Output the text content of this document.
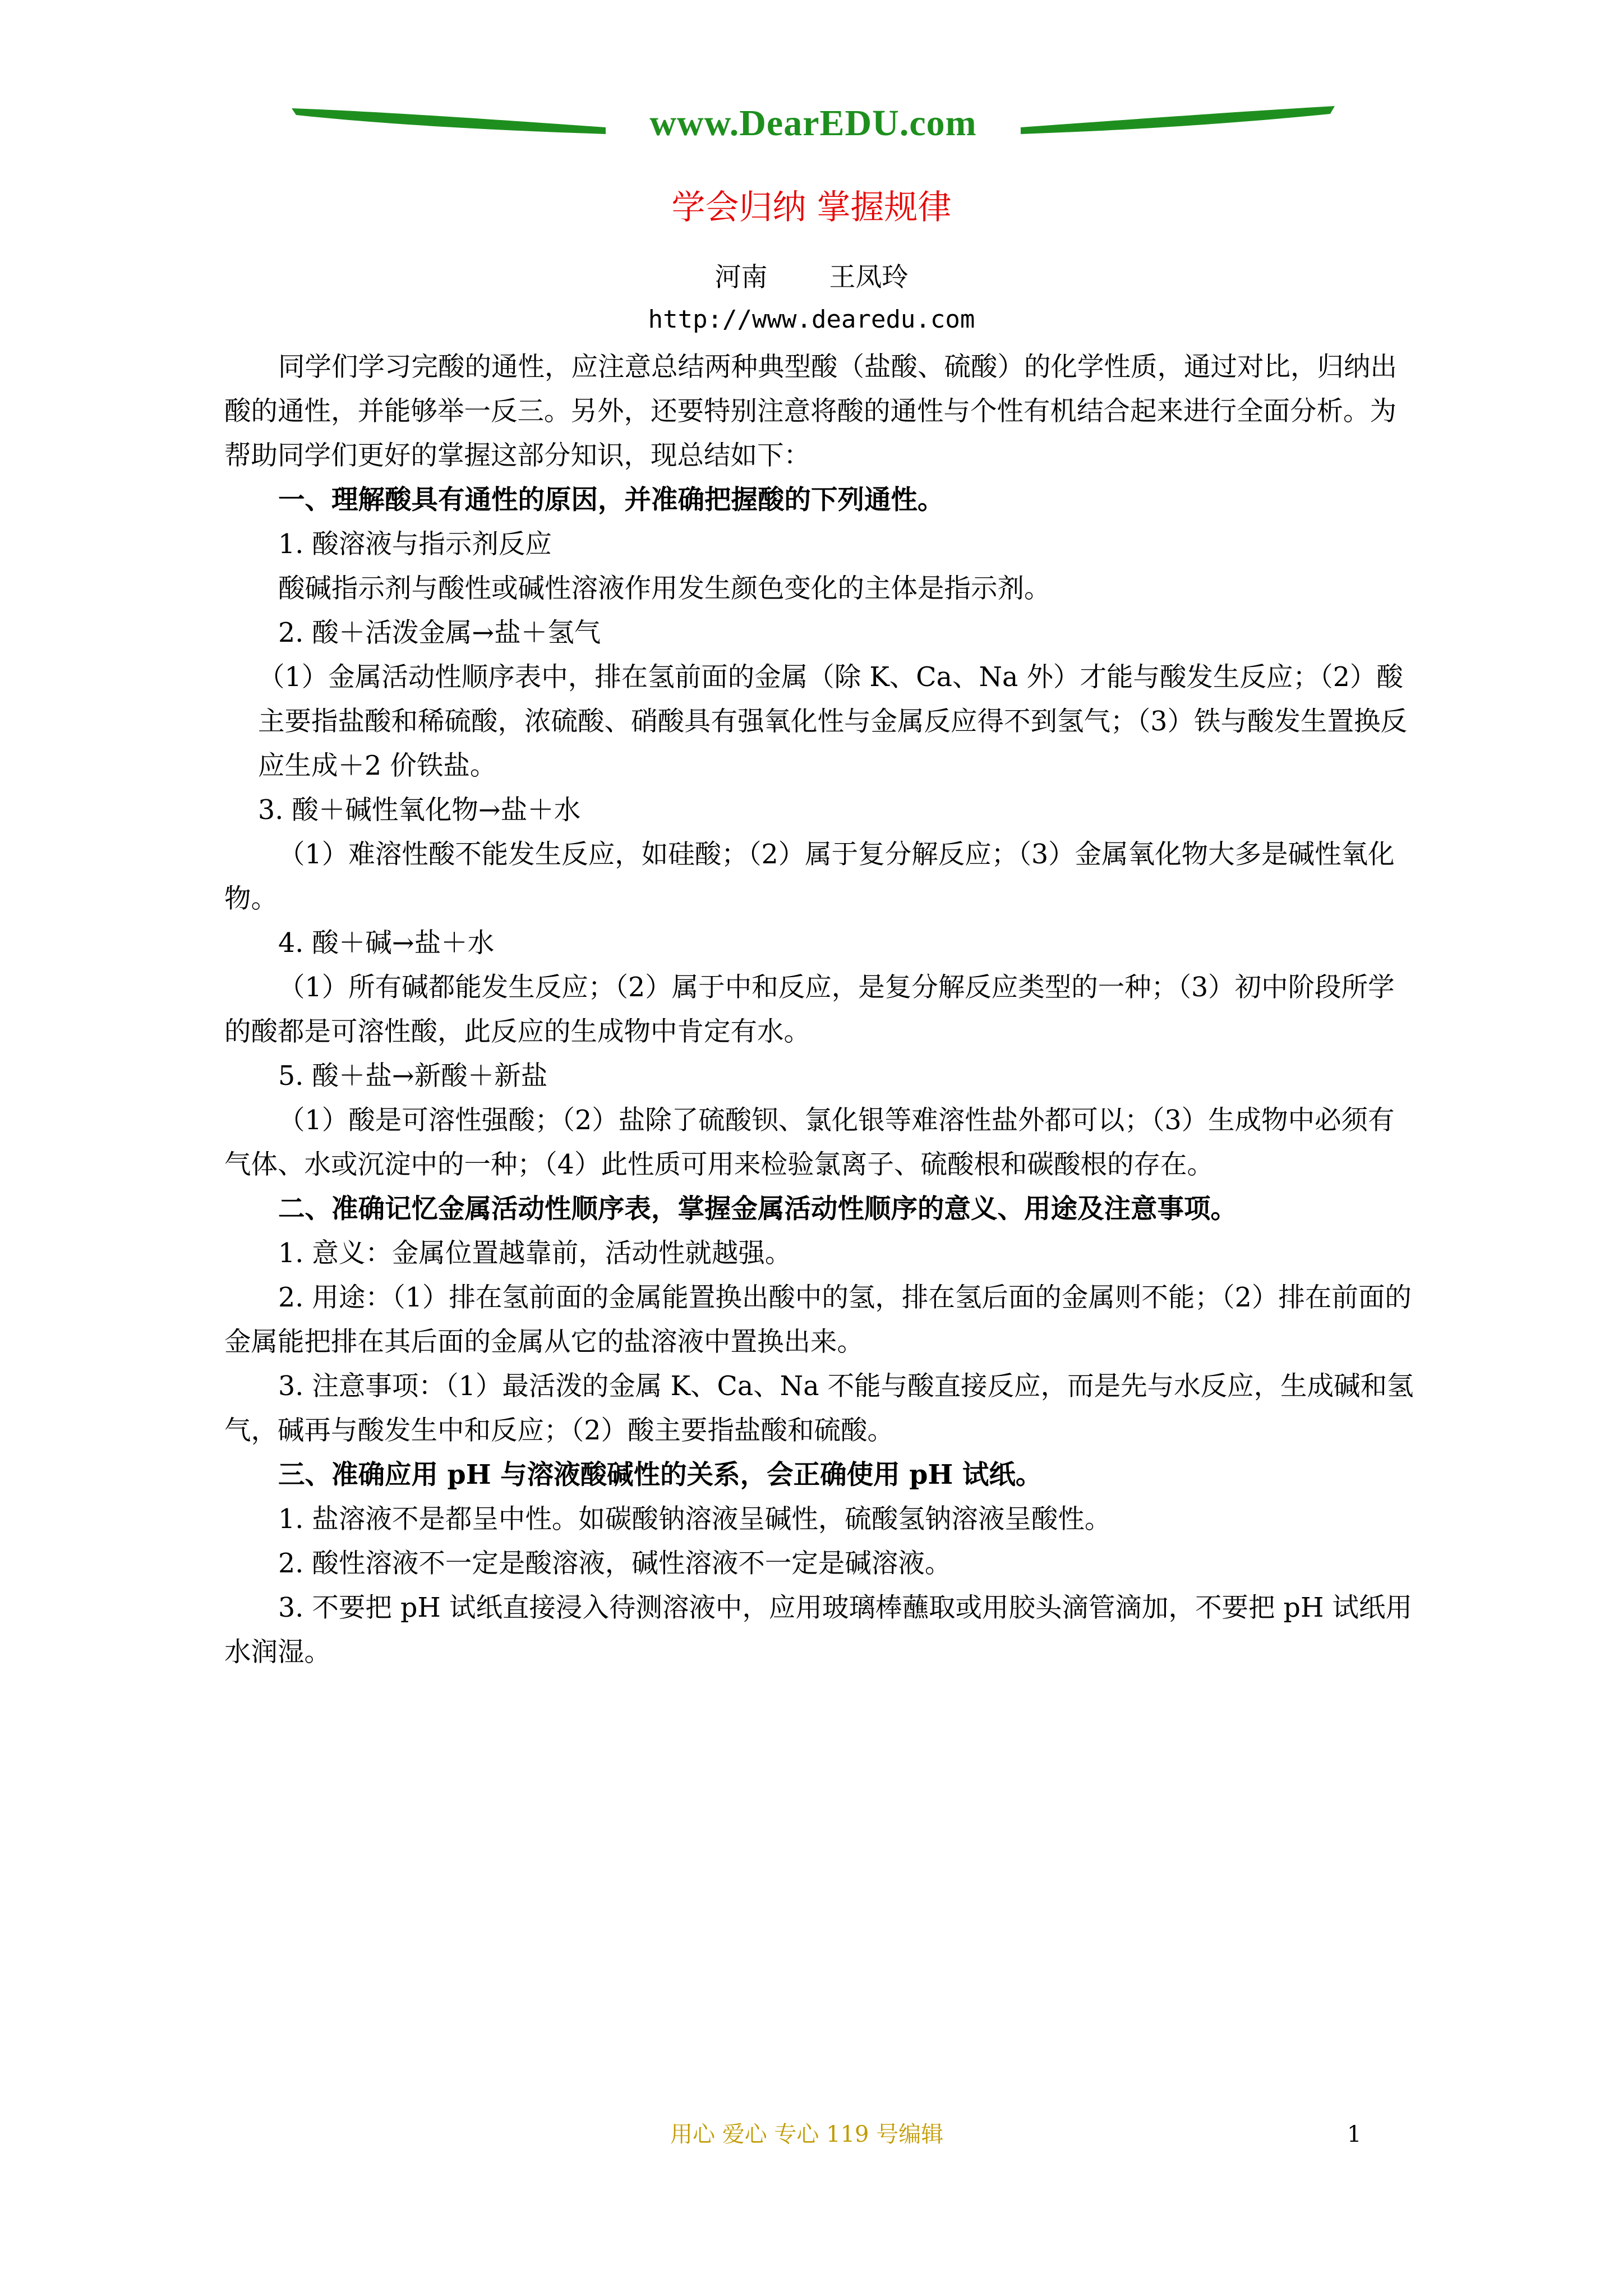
www.DearEDU.com
学会归纳 掌握规律
河南 王凤玲
http://www.dearedu.com

同学们学习完酸的通性，应注意总结两种典型酸（盐酸、硫酸）的化学性质，通过对比，归纳出酸的通性，并能够举一反三。另外，还要特别注意将酸的通性与个性有机结合起来进行全面分析。为帮助同学们更好的掌握这部分知识，现总结如下：

一、理解酸具有通性的原因，并准确把握酸的下列通性。

1. 酸溶液与指示剂反应

酸碱指示剂与酸性或碱性溶液作用发生颜色变化的主体是指示剂。

2. 酸＋活泼金属→盐＋氢气

（1）金属活动性顺序表中，排在氢前面的金属（除 K、Ca、Na 外）才能与酸发生反应；（2）酸主要指盐酸和稀硫酸，浓硫酸、硝酸具有强氧化性与金属反应得不到氢气；（3）铁与酸发生置换反应生成＋2 价铁盐。

3. 酸＋碱性氧化物→盐＋水

（1）难溶性酸不能发生反应，如硅酸；（2）属于复分解反应；（3）金属氧化物大多是碱性氧化物。

4. 酸＋碱→盐＋水

（1）所有碱都能发生反应；（2）属于中和反应，是复分解反应类型的一种；（3）初中阶段所学的酸都是可溶性酸，此反应的生成物中肯定有水。

5. 酸＋盐→新酸＋新盐

（1）酸是可溶性强酸；（2）盐除了硫酸钡、氯化银等难溶性盐外都可以；（3）生成物中必须有气体、水或沉淀中的一种；（4）此性质可用来检验氯离子、硫酸根和碳酸根的存在。

二、准确记忆金属活动性顺序表，掌握金属活动性顺序的意义、用途及注意事项。

1. 意义：金属位置越靠前，活动性就越强。

2. 用途：（1）排在氢前面的金属能置换出酸中的氢，排在氢后面的金属则不能；（2）排在前面的金属能把排在其后面的金属从它的盐溶液中置换出来。

3. 注意事项：（1）最活泼的金属 K、Ca、Na 不能与酸直接反应，而是先与水反应，生成碱和氢气，碱再与酸发生中和反应；（2）酸主要指盐酸和硫酸。

三、准确应用 pH 与溶液酸碱性的关系，会正确使用 pH 试纸。

1. 盐溶液不是都呈中性。如碳酸钠溶液呈碱性，硫酸氢钠溶液呈酸性。

2. 酸性溶液不一定是酸溶液，碱性溶液不一定是碱溶液。

3. 不要把 pH 试纸直接浸入待测溶液中，应用玻璃棒蘸取或用胶头滴管滴加，不要把 pH 试纸用水润湿。

用心 爱心 专心 119 号编辑	1
